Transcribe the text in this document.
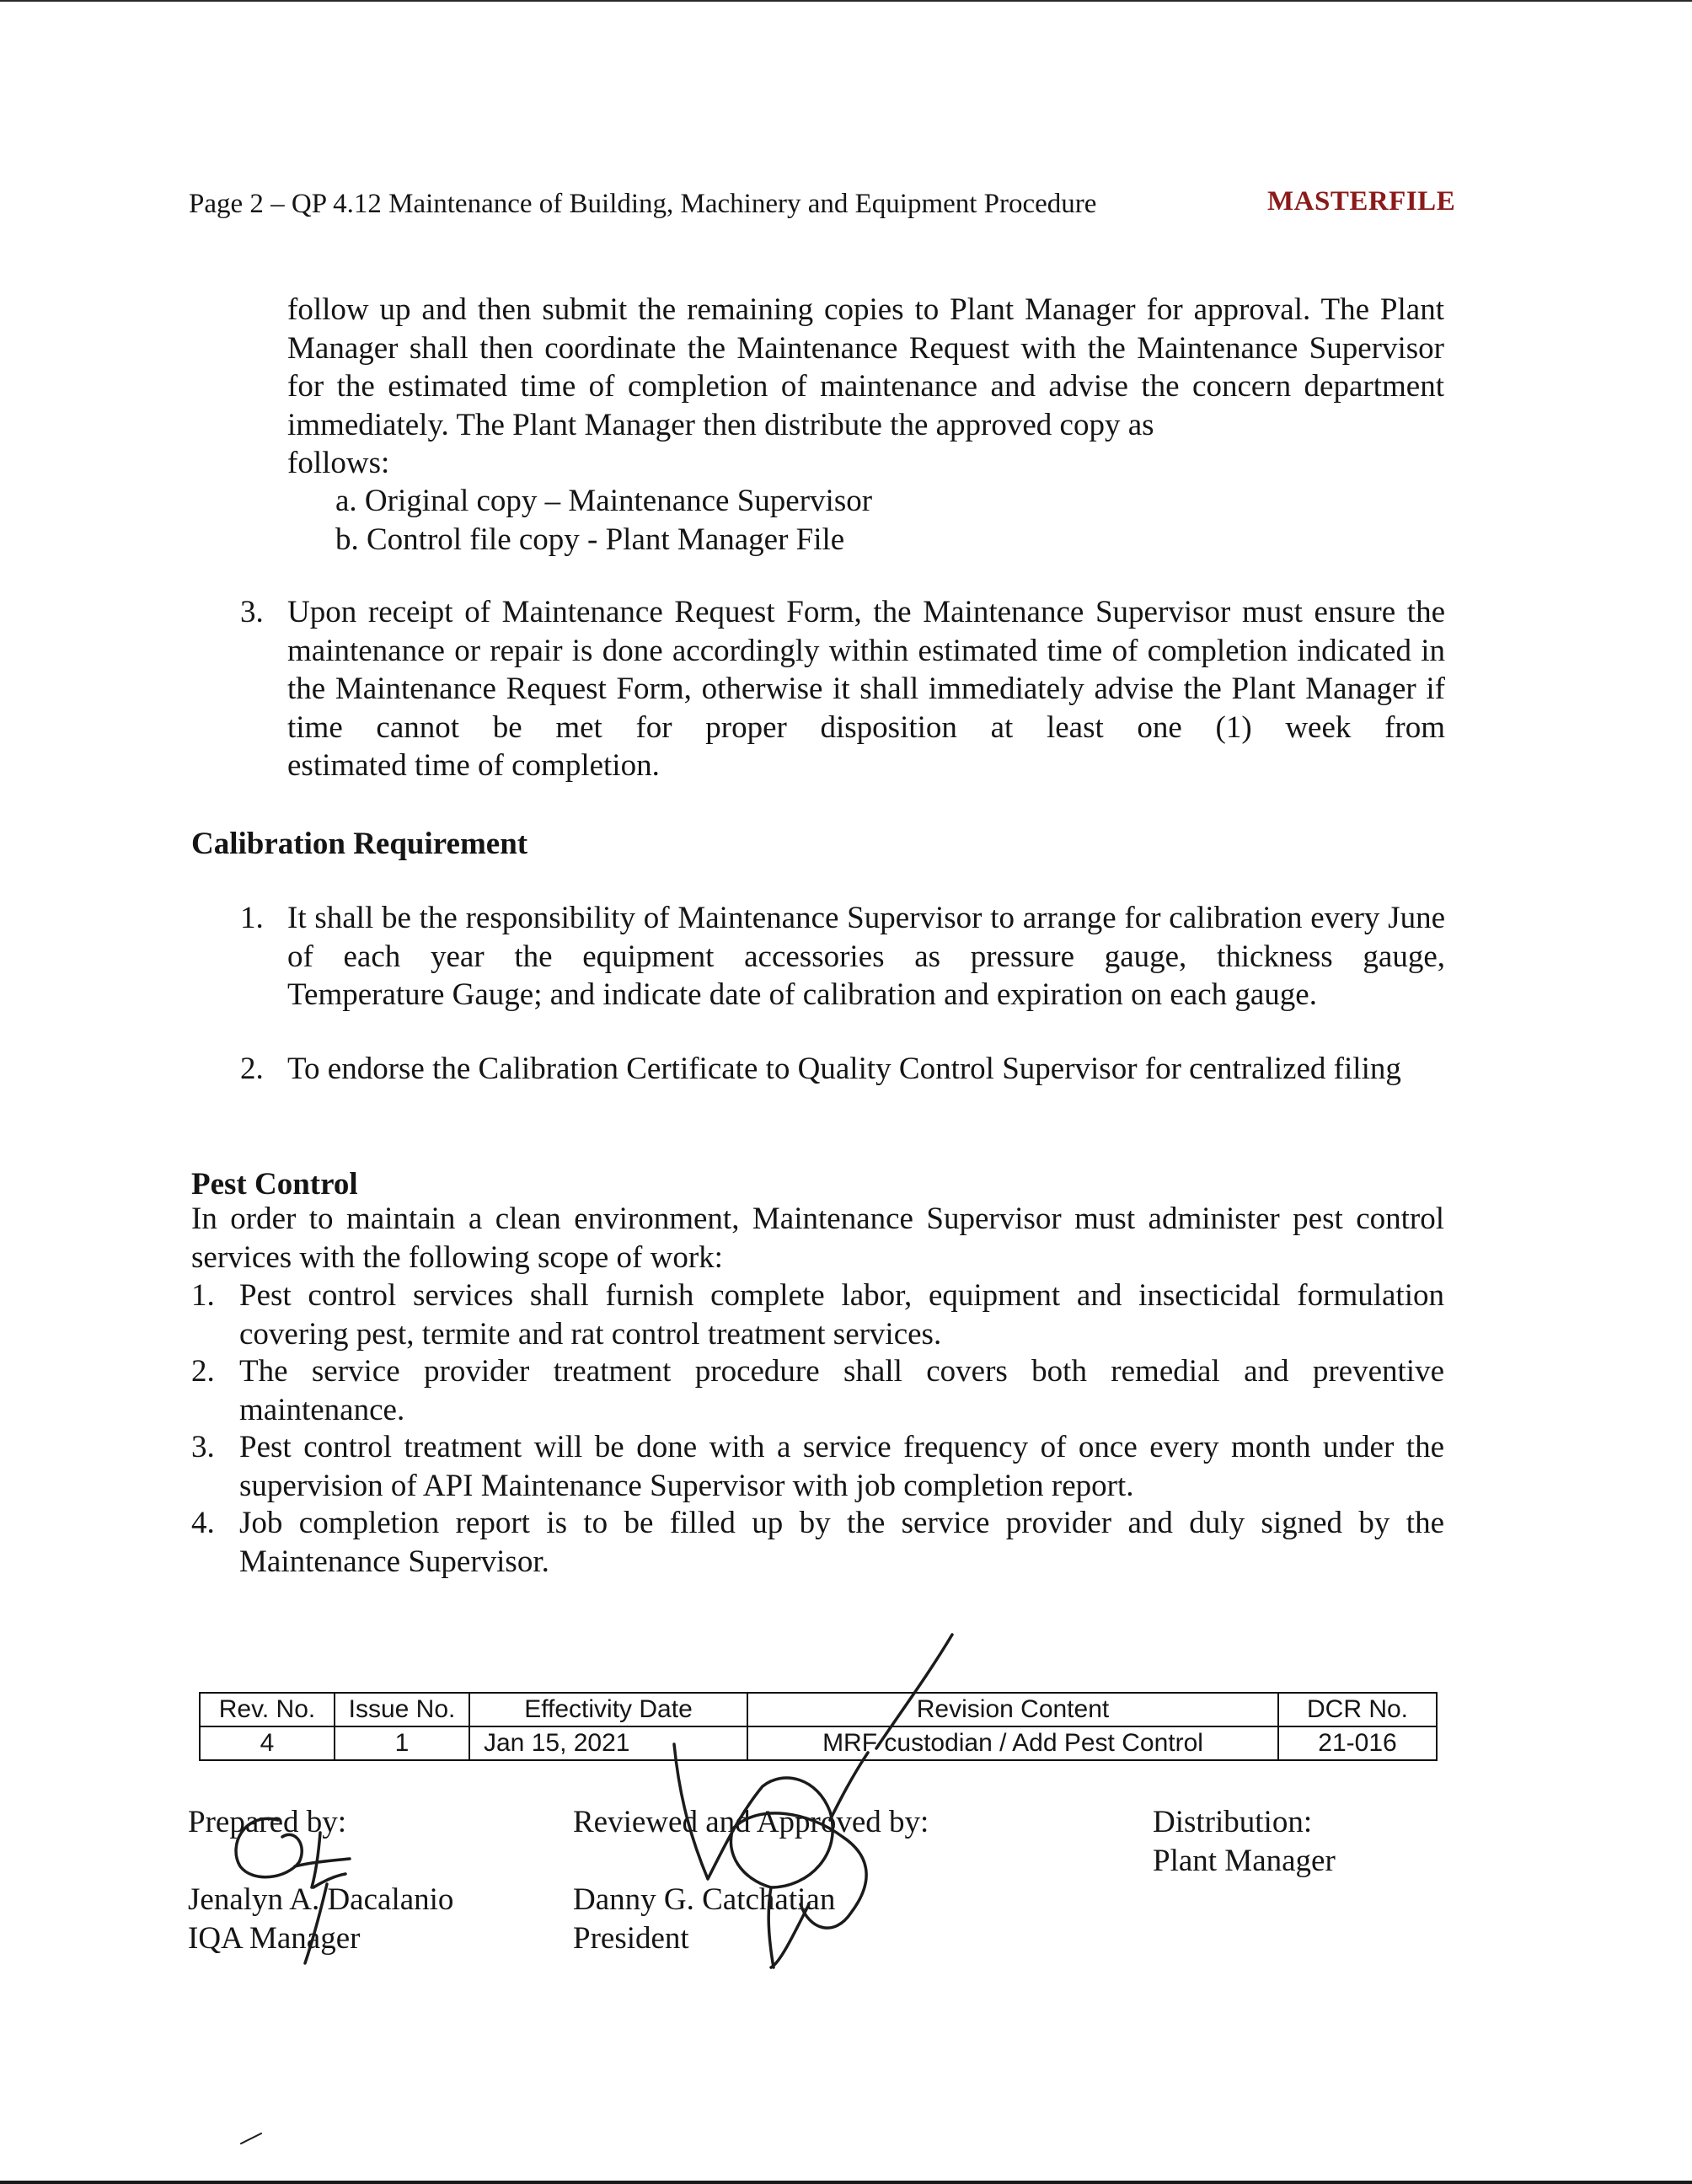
Page 2 – QP 4.12 Maintenance of Building, Machinery and Equipment Procedure	MASTERFILE
follow up and then submit the remaining copies to Plant Manager for approval. The Plant Manager shall then coordinate the Maintenance Request with the Maintenance Supervisor for the estimated time of completion of maintenance and advise the concern department immediately. The Plant Manager then distribute the approved copy as
follows:
a. Original copy – Maintenance Supervisor
b. Control file copy - Plant Manager File
3. Upon receipt of Maintenance Request Form, the Maintenance Supervisor must ensure the maintenance or repair is done accordingly within estimated time of completion indicated in the Maintenance Request Form, otherwise it shall immediately advise the Plant Manager if time cannot be met for proper disposition at least one (1) week from
estimated time of completion.
Calibration Requirement
1. It shall be the responsibility of Maintenance Supervisor to arrange for calibration every June of each year the equipment accessories as pressure gauge, thickness gauge,
Temperature Gauge; and indicate date of calibration and expiration on each gauge.
2. To endorse the Calibration Certificate to Quality Control Supervisor for centralized filing
Pest Control
In order to maintain a clean environment, Maintenance Supervisor must administer pest control
services with the following scope of work:
1. Pest control services shall furnish complete labor, equipment and insecticidal formulation
covering pest, termite and rat control treatment services.
2. The service provider treatment procedure shall covers both remedial and preventive
maintenance.
3. Pest control treatment will be done with a service frequency of once every month under the
supervision of API Maintenance Supervisor with job completion report.
4. Job completion report is to be filled up by the service provider and duly signed by the
Maintenance Supervisor.
Rev. No.	Issue No.	Effectivity Date	Revision Content	DCR No.
4	1	Jan 15, 2021	MRF custodian / Add Pest Control	21-016
Prepared by:
Jenalyn A. Dacalanio
IQA Manager
Reviewed and Approved by:
Danny G. Catchatian
President
Distribution:
Plant Manager
